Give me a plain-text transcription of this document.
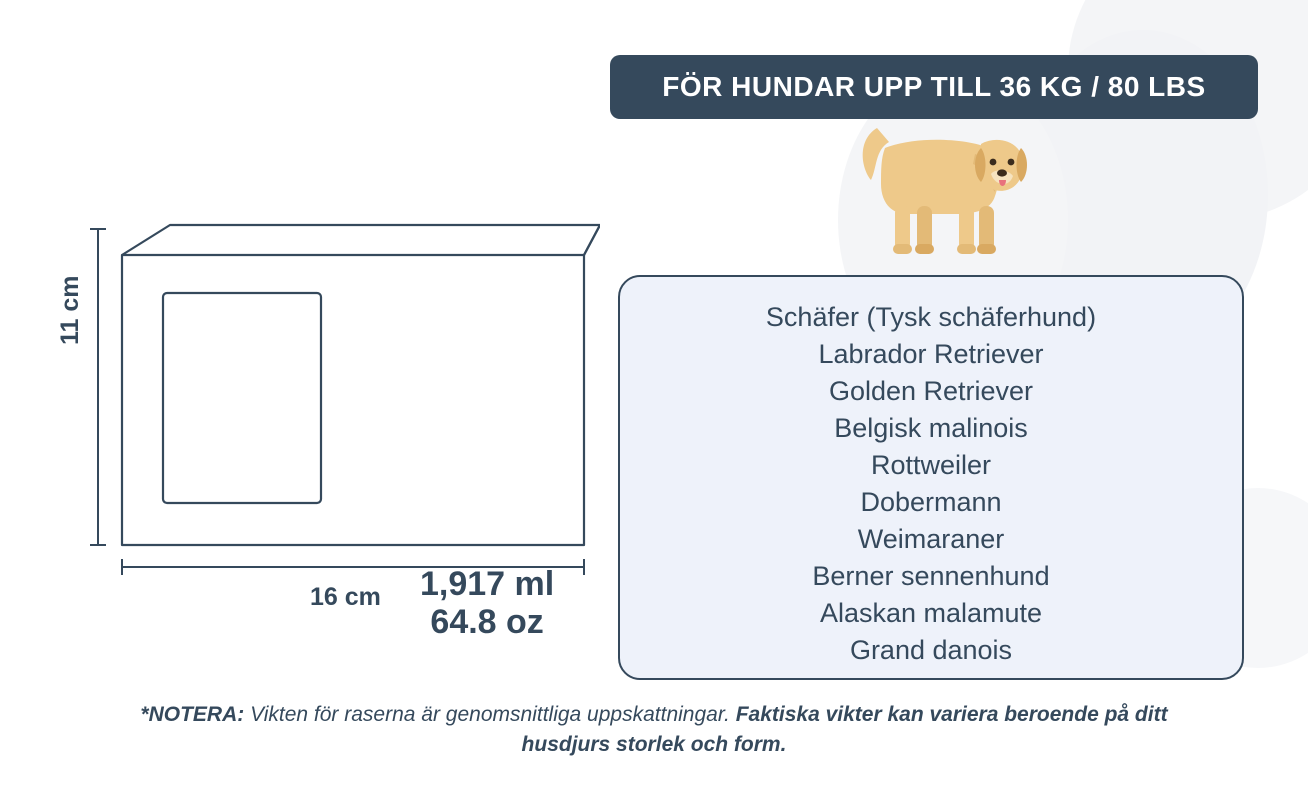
FÖR HUNDAR UPP TILL 36 KG / 80 LBS
1,917 ml
64.8 oz
11 cm
16 cm
Schäfer (Tysk schäferhund)
Labrador Retriever
Golden Retriever
Belgisk malinois
Rottweiler
Dobermann
Weimaraner
Berner sennenhund
Alaskan malamute
Grand danois
*NOTERA: Vikten för raserna är genomsnittliga uppskattningar. Faktiska vikter kan variera beroende på ditt husdjurs storlek och form.
